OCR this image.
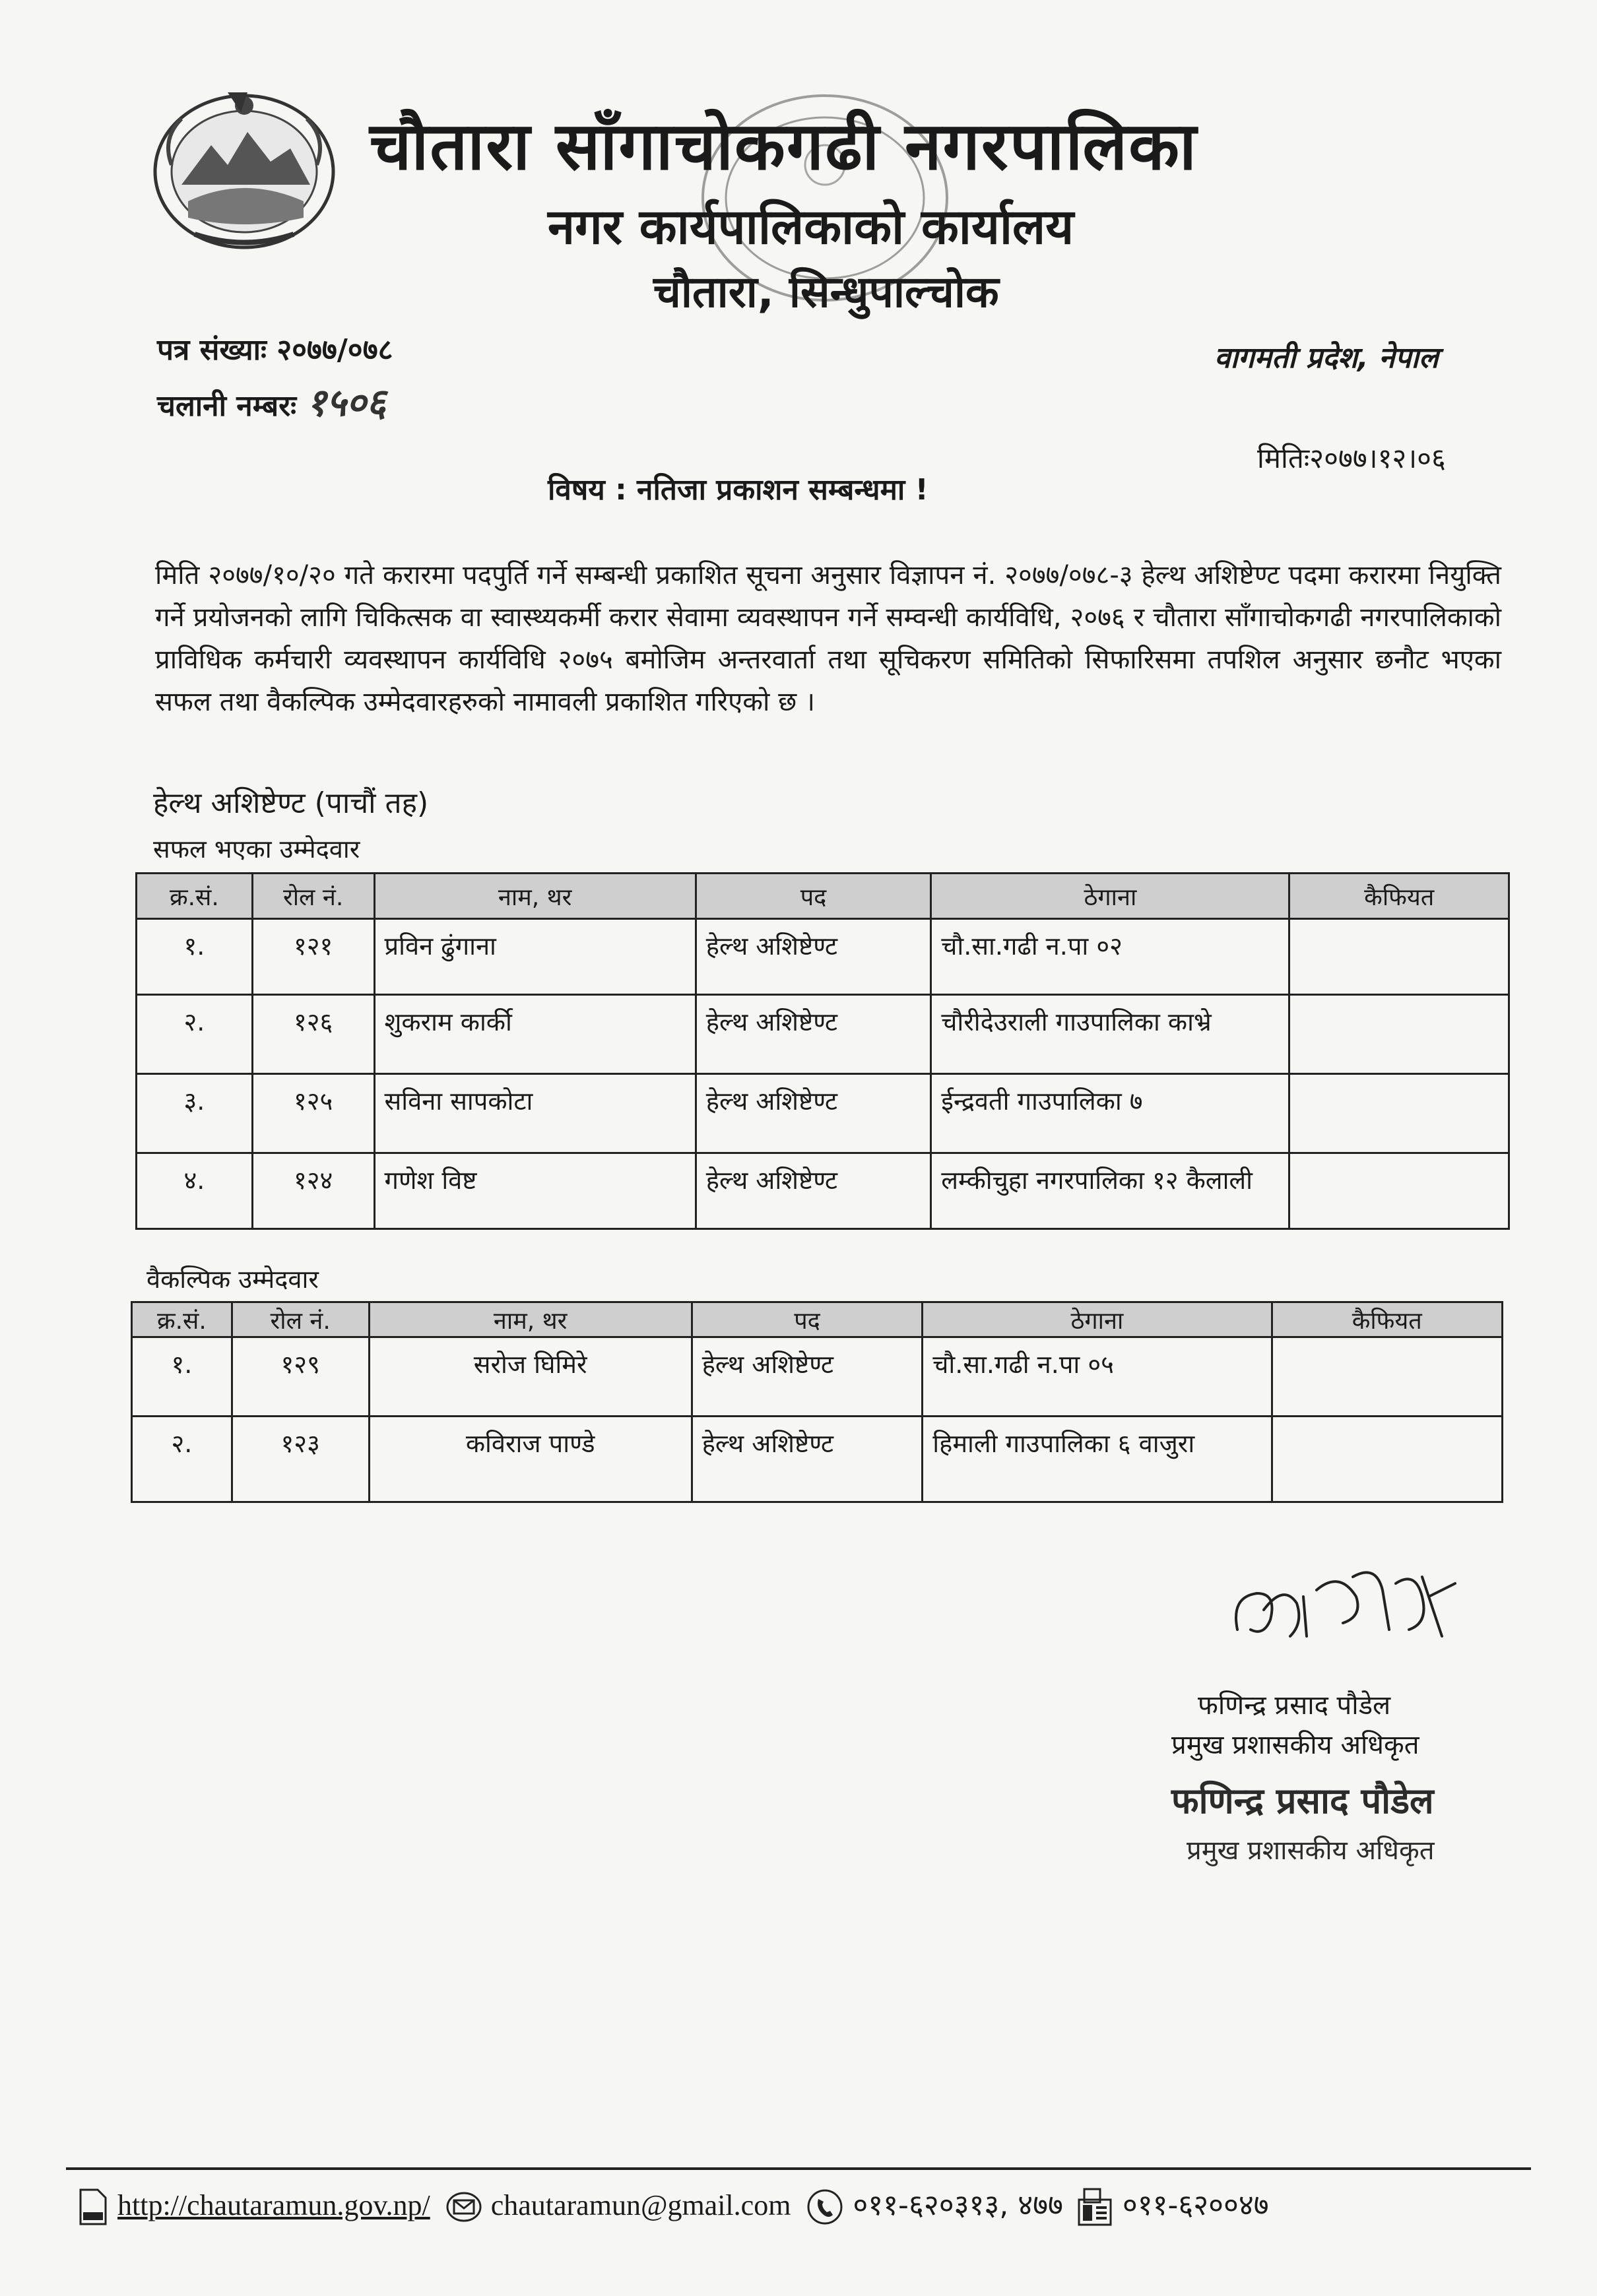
चौतारा साँगाचोकगढी नगरपालिका
नगर कार्यपालिकाको कार्यालय
चौतारा, सिन्धुपाल्चोक
पत्र संख्याः २०७७/०७८
चलानी नम्बरः १५०६
वागमती प्रदेश, नेपाल
मितिः२०७७।१२।०६
विषय : नतिजा प्रकाशन सम्बन्धमा !
मिति २०७७/१०/२० गते करारमा पदपुर्ति गर्ने सम्बन्धी प्रकाशित सूचना अनुसार विज्ञापन नं. २०७७/०७८-३ हेल्थ अशिष्टेण्ट पदमा करारमा नियुक्ति गर्ने प्रयोजनको लागि चिकित्सक वा स्वास्थ्यकर्मी करार सेवामा व्यवस्थापन गर्ने सम्वन्धी कार्यविधि, २०७६ र चौतारा साँगाचोकगढी नगरपालिकाको प्राविधिक कर्मचारी व्यवस्थापन कार्यविधि २०७५ बमोजिम अन्तरवार्ता तथा सूचिकरण समितिको सिफारिसमा तपशिल अनुसार छनौट भएका सफल तथा वैकल्पिक उम्मेदवारहरुको नामावली प्रकाशित गरिएको छ ।
हेल्थ अशिष्टेण्ट (पाचौं तह)
सफल भएका उम्मेदवार
क्र.सं.	रोल नं.	नाम, थर	पद	ठेगाना	कैफियत
१.	१२१	प्रविन ढुंगाना	हेल्थ अशिष्टेण्ट	चौ.सा.गढी न.पा ०२	
२.	१२६	शुकराम कार्की	हेल्थ अशिष्टेण्ट	चौरीदेउराली गाउपालिका काभ्रे	
३.	१२५	सविना सापकोटा	हेल्थ अशिष्टेण्ट	ईन्द्रवती गाउपालिका ७	
४.	१२४	गणेश विष्ट	हेल्थ अशिष्टेण्ट	लम्कीचुहा नगरपालिका १२ कैलाली	
वैकल्पिक उम्मेदवार
क्र.सं.	रोल नं.	नाम, थर	पद	ठेगाना	कैफियत
१.	१२९	सरोज घिमिरे	हेल्थ अशिष्टेण्ट	चौ.सा.गढी न.पा ०५	
२.	१२३	कविराज पाण्डे	हेल्थ अशिष्टेण्ट	हिमाली गाउपालिका ६ वाजुरा	
फणिन्द्र प्रसाद पौडेल
प्रमुख प्रशासकीय अधिकृत
फणिन्द्र प्रसाद पौडेल
प्रमुख प्रशासकीय अधिकृत
http://chautaramun.gov.np/ chautaramun@gmail.com ०११-६२०३१३, ४७७ ०११-६२००४७
